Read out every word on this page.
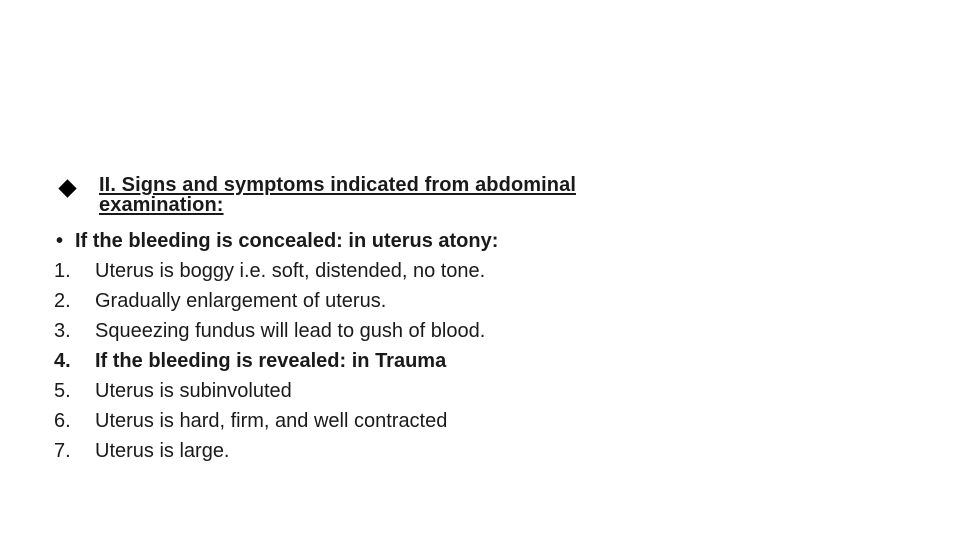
II. Signs and symptoms indicated from abdominal
examination:
• If the bleeding is concealed: in uterus atony:
1.	Uterus is boggy i.e. soft, distended, no tone.
2.	Gradually enlargement of uterus.
3.	Squeezing fundus will lead to gush of blood.
4.	If the bleeding is revealed: in Trauma
5.	Uterus is subinvoluted
6.	Uterus is hard, firm, and well contracted
7.	Uterus is large.
